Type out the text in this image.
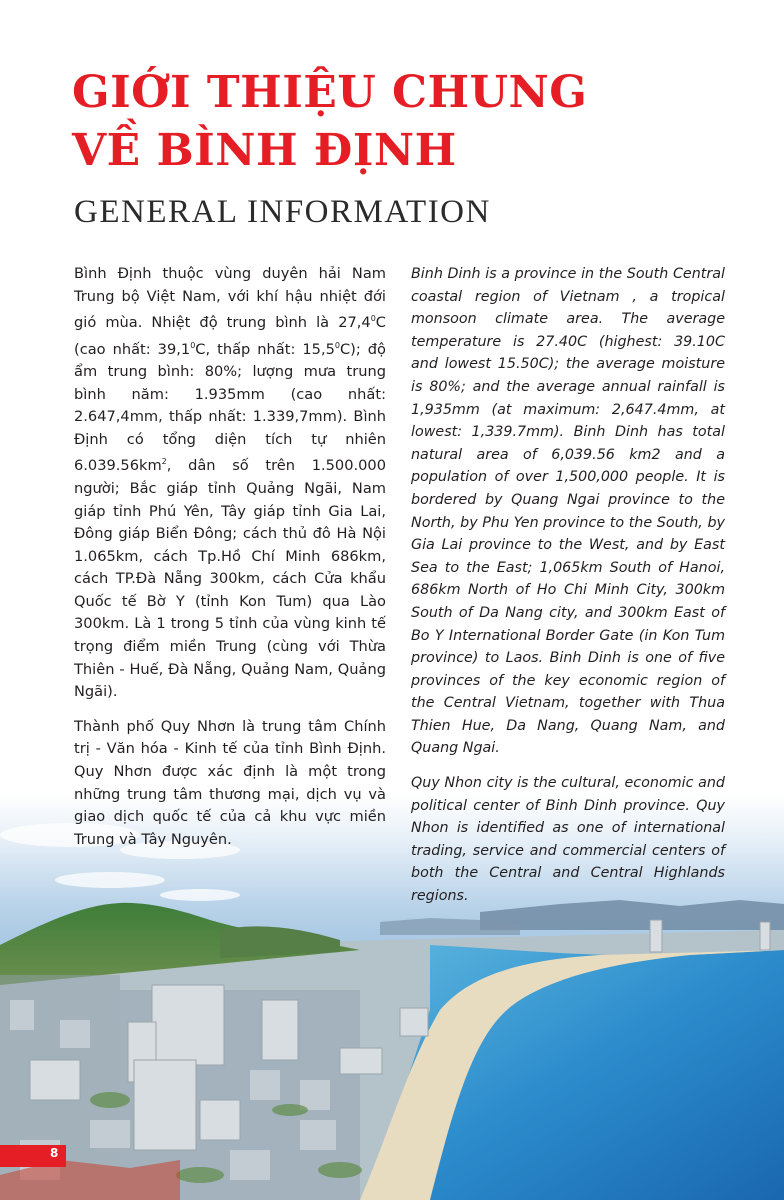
GIỚI THIỆU CHUNG
VỀ BÌNH ĐỊNH
GENERAL INFORMATION

Bình Định thuộc vùng duyên hải Nam Trung bộ Việt Nam, với khí hậu nhiệt đới gió mùa. Nhiệt độ trung bình là 27,4$^0$C (cao nhất: 39,1$^0$C, thấp nhất: 15,5$^0$C); độ ẩm trung bình: 80%; lượng mưa trung bình năm: 1.935mm (cao nhất: 2.647,4mm, thấp nhất: 1.339,7mm). Bình Định có tổng diện tích tự nhiên $6.039.56km^2$, dân số trên 1.500.000 người; Bắc giáp tỉnh Quảng Ngãi, Nam giáp tỉnh Phú Yên, Tây giáp tỉnh Gia Lai, Đông giáp Biển Đông; cách thủ đô Hà Nội 1.065km, cách Tp.Hồ Chí Minh 686km, cách TP.Đà Nẵng 300km, cách Cửa khẩu Quốc tế Bờ Y (tỉnh Kon Tum) qua Lào 300km. Là 1 trong 5 tỉnh của vùng kinh tế trọng điểm miền Trung (cùng với Thừa Thiên - Huế, Đà Nẵng, Quảng Nam, Quảng Ngãi).

Thành phố Quy Nhơn là trung tâm Chính trị - Văn hóa - Kinh tế của tỉnh Bình Định. Quy Nhơn được xác định là một trong những trung tâm thương mại, dịch vụ và giao dịch quốc tế của cả khu vực miền Trung và Tây Nguyên.

Binh Dinh is a province in the South Central coastal region of Vietnam , a tropical monsoon climate area. The average temperature is 27.40C (highest: 39.10C and lowest 15.50C); the average moisture is 80%; and the average annual rainfall is 1,935mm (at maximum: 2,647.4mm, at lowest: 1,339.7mm). Binh Dinh has total natural area of 6,039.56 km2 and a population of over 1,500,000 people. It is bordered by Quang Ngai province to the North, by Phu Yen province to the South, by Gia Lai province to the West, and by East Sea to the East; 1,065km South of Hanoi, 686km North of Ho Chi Minh City, 300km South of Da Nang city, and 300km East of Bo Y International Border Gate (in Kon Tum province) to Laos. Binh Dinh is one of five provinces of the key economic region of the Central Vietnam, together with Thua Thien Hue, Da Nang, Quang Nam, and Quang Ngai.

Quy Nhon city is the cultural, economic and political center of Binh Dinh province. Quy Nhon is identified as one of international trading, service and commercial centers of both the Central and Central Highlands regions.

8
